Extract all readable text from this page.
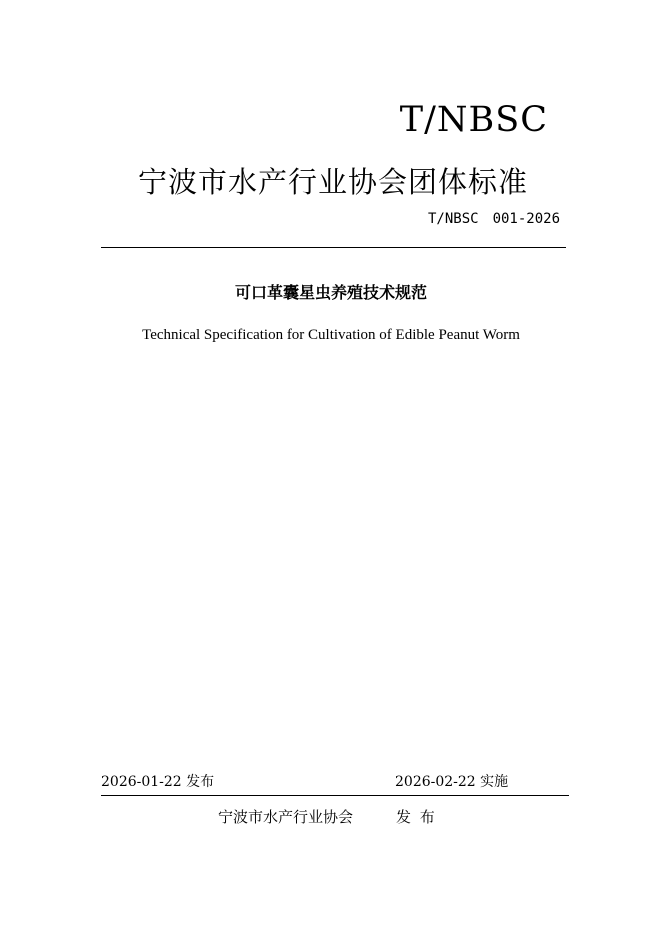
T/NBSC
宁波市水产行业协会团体标准
T/NBSC 001-2026
可口革囊星虫养殖技术规范
Technical Specification for Cultivation of Edible Peanut Worm
2026-01-22 发布	2026-02-22 实施
宁波市水产行业协会	发 布
